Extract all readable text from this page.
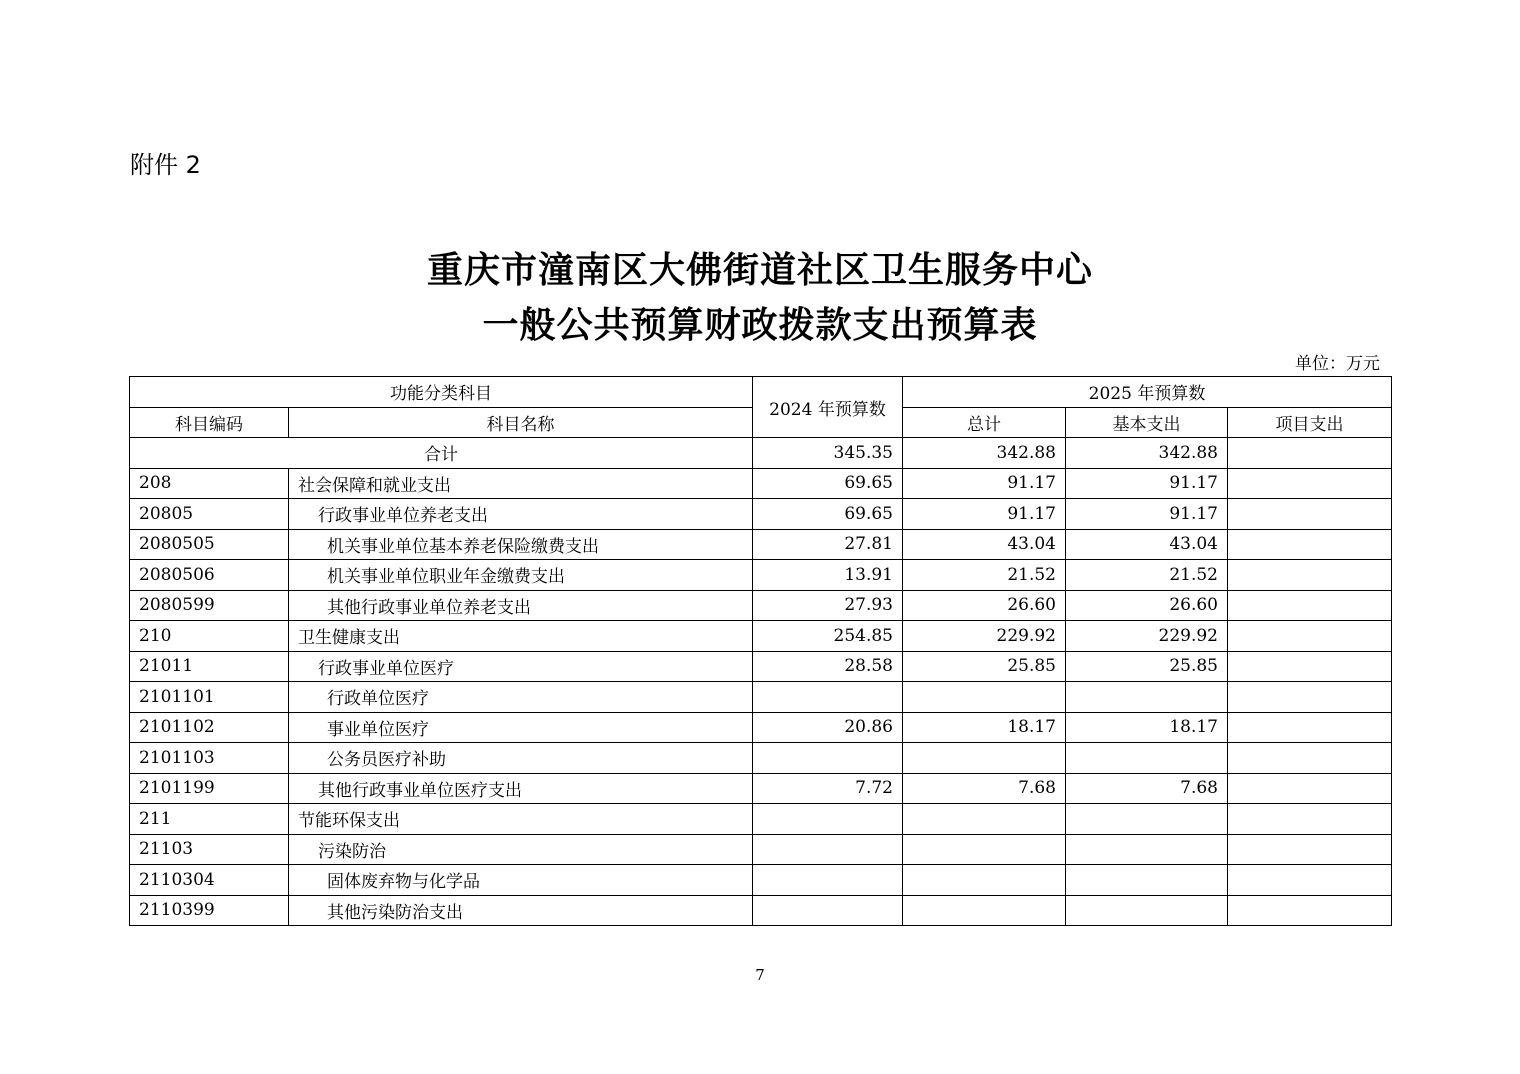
附件 2
重庆市潼南区大佛街道社区卫生服务中心
一般公共预算财政拨款支出预算表
单位：万元
功能分类科目		2024 年预算数	2025 年预算数		
科目编码	科目名称		总计	基本支出	项目支出
合计		345.35	342.88	342.88	
208	社会保障和就业支出	69.65	91.17	91.17	
20805	行政事业单位养老支出	69.65	91.17	91.17	
2080505	机关事业单位基本养老保险缴费支出	27.81	43.04	43.04	
2080506	机关事业单位职业年金缴费支出	13.91	21.52	21.52	
2080599	其他行政事业单位养老支出	27.93	26.60	26.60	
210	卫生健康支出	254.85	229.92	229.92	
21011	行政事业单位医疗	28.58	25.85	25.85	
2101101	行政单位医疗				
2101102	事业单位医疗	20.86	18.17	18.17	
2101103	公务员医疗补助				
2101199	其他行政事业单位医疗支出	7.72	7.68	7.68	
211	节能环保支出				
21103	污染防治				
2110304	固体废弃物与化学品				
2110399	其他污染防治支出				
7
